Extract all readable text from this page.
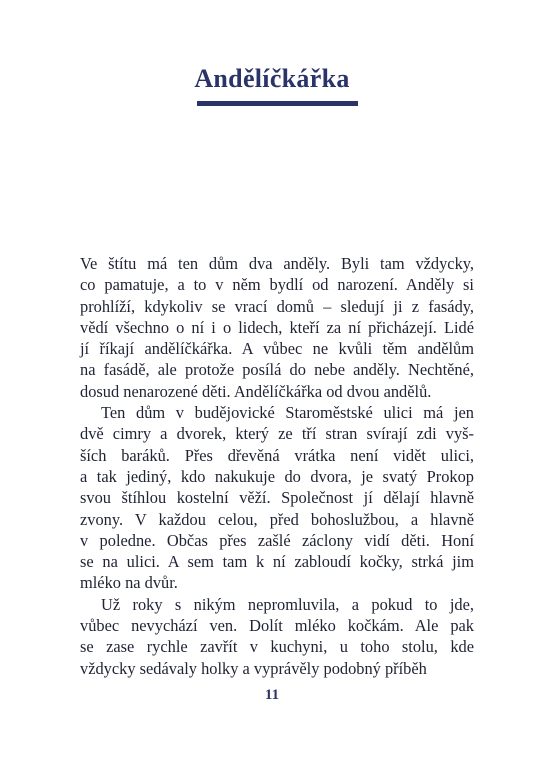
Andělíčkářka
Ve štítu má ten dům dva anděly. Byli tam vždycky,
co pamatuje, a to v něm bydlí od narození. Anděly si
prohlíží, kdykoliv se vrací domů – sledují ji z fasády,
vědí všechno o ní i o lidech, kteří za ní přicházejí. Lidé
jí říkají andělíčkářka. A vůbec ne kvůli těm andělům
na fasádě, ale protože posílá do nebe anděly. Nechtěné,
dosud nenarozené děti. Andělíčkářka od dvou andělů.
Ten dům v budějovické Staroměstské ulici má jen
dvě cimry a dvorek, který ze tří stran svírají zdi vyš-
ších baráků. Přes dřevěná vrátka není vidět ulici,
a tak jediný, kdo nakukuje do dvora, je svatý Prokop
svou štíhlou kostelní věží. Společnost jí dělají hlavně
zvony. V každou celou, před bohoslužbou, a hlavně
v poledne. Občas přes zašlé záclony vidí děti. Honí
se na ulici. A sem tam k ní zabloudí kočky, strká jim
mléko na dvůr.
Už roky s nikým nepromluvila, a pokud to jde,
vůbec nevychází ven. Dolít mléko kočkám. Ale pak
se zase rychle zavřít v kuchyni, u toho stolu, kde
vždycky sedávaly holky a vyprávěly podobný příběh
11
